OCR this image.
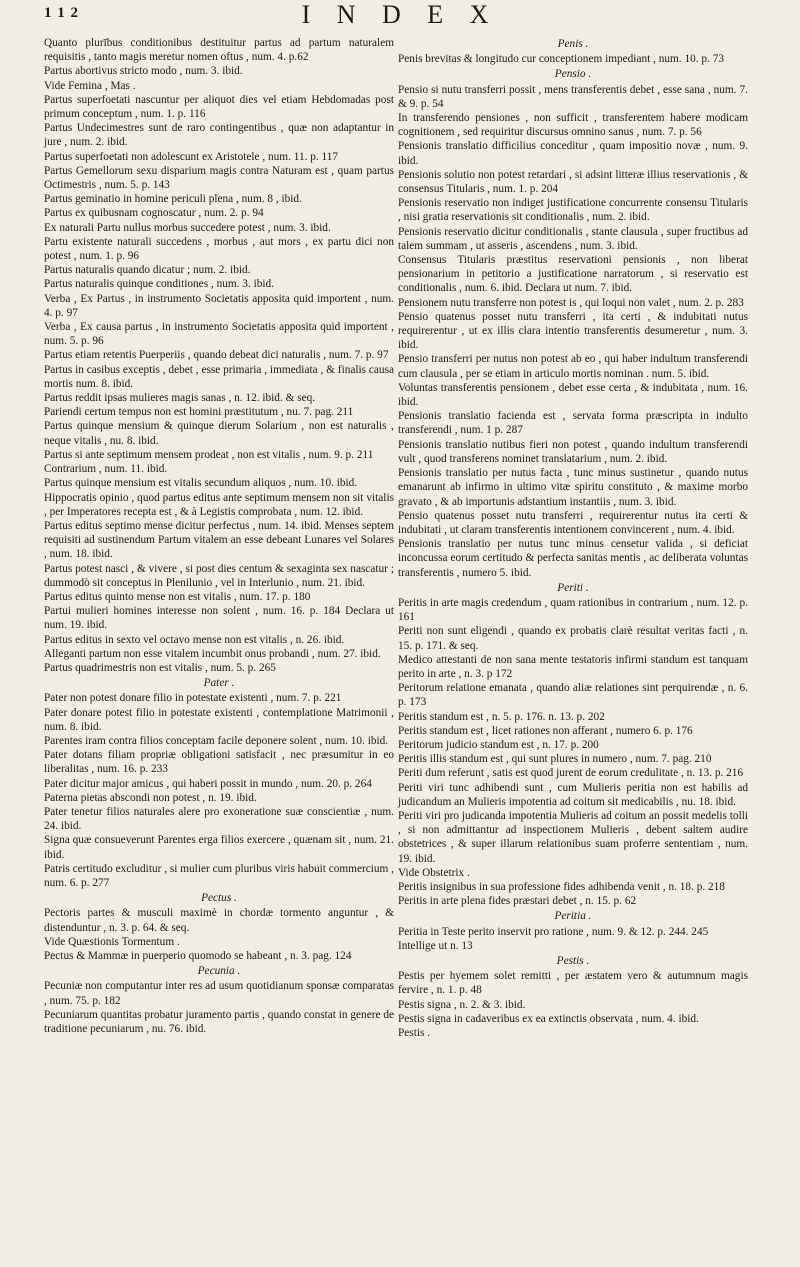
1 1 2	I N D E X

Quanto plurībus conditionibus destituitur partus ad partum naturalem requisitis , tanto magis meretur nomen oftus , num. 4. p.62

Partus abortivus stricto modo , num. 3. ibid.

Vide Femina , Mas .

Partus superfoetati nascuntur per aliquot dies vel etiam Hebdomadas post primum conceptum , num. 1. p. 116

Partus Undecimestres sunt de raro contingentibus , quæ non adaptantur in jure , num. 2. ibid.

Partus superfoetati non adolescunt ex Aristotele , num. 11. p. 117

Partus Gemellorum sexu disparium magis contra Naturam est , quam partus Octimestris , num. 5. p. 143

Partus geminatio in homine periculi plena , num. 8 , ibid.

Partus ex quibusnam cognoscatur , num. 2. p. 94

Ex naturali Partu nullus morbus succedere potest , num. 3. ibid.

Partu existente naturali succedens , morbus , aut mors , ex partu dici non potest , num. 1. p. 96

Partus naturalis quando dicatur ; num. 2. ibid.

Partus naturalis quinque conditiones , num. 3. ibid.

Verba , Ex Partus , in instrumento Societatis appositа quid importent , num. 4. p. 97

Verba , Ex causa partus , in instrumento Societatis apposita quid importent , num. 5. p. 96

Partus etiam retentis Puerperiis , quando debeat dici naturalis , num. 7. p. 97

Partus in casibus exceptis , debet , esse primaria , immediata , & finalis causa mortis num. 8. ibid.

Partus reddit ipsas mulieres magis sanas , n. 12. ibid. & seq.

Pariendi certum tempus non est homini præstitutum , nu. 7. pag. 211

Partus quinque mensium & quinque dierum Solarium , non est naturalis , neque vitalis , nu. 8. ibid.

Partus si ante septimum mensem prodeat , non est vitalis , num. 9. p. 211

Contrarium , num. 11. ibid.

Partus quinque mensium est vitalis secundum aliquos , num. 10. ibid.

Hippocratis opinio , quod partus editus ante septimum mensem non sit vitalis , per Imperatores recepta est , & à Legistis comprobata , num. 12. ibid.

Partus editus septimo mense dicitur perfectus , num. 14. ibid. Menses septem requisiti ad sustinendum Partum vitalem an esse debeant Lunares vel Solares , num. 18. ibid.

Partus potest nasci , & vivere , si post dies centum & sexaginta sex nascatur ; dummodò sit conceptus in Plenilunio , vel in Interlunio , num. 21. ibid.

Partus editus quinto mense non est vitalis , num. 17. p. 180

Partui mulieri homines interesse non solent , num. 16. p. 184 Declara ut num. 19. ibid.

Partus editus in sexto vel octavo mense non est vitalis , n. 26. ibid.

Alleganti partum non esse vitalem incumbit onus probandi , num. 27. ibid.

Partus quadrimestris non est vitalis , num. 5. p. 265

Pater .

Pater non potest donare filio in potestate existenti , num. 7. p. 221

Pater donare potest filio in potestate existenti , contemplatione Matrimonii , num. 8. ibid.

Parentes iram contra filios conceptam facile deponere solent , num. 10. ibid.

Pater dotans filiam propriæ obligationi satisfacit , nec præsumitur in eo liberalitas , num. 16. p. 233

Pater dicitur major amicus , qui haberi possit in mundo , num. 20. p. 264

Paterna pietas abscondi non potest , n. 19. ibid.

Pater tenetur filios naturales alere pro exoneratione suæ conscientiæ , num. 24. ibid.

Signa quæ consueverunt Parentes erga filios exercere , quænam sit , num. 21. ibid.

Patris certitudo excluditur , si mulier cum pluribus viris habuit commercium , num. 6. p. 277

Pectus .

Pectoris partes & musculi maximè in chordæ tormento anguntur , & distenduntur , n. 3. p. 64. & seq.

Vide Quæstionis Tormentum .

Pectus & Mammæ in puerperio quomodo se habeant , n. 3. pag. 124

Pecunia .

Pecuniæ non computantur inter res ad usum quotidianum sponsæ comparatas , num. 75. p. 182

Pecuniarum quantitas probatur juramento partis , quando constat in genere de traditione pecuniarum , nu. 76. ibid.

Penis .

Penis brevitas & longitudo cur conceptionem impediant , num. 10. p. 73

Pensio .

Pensio si nutu transferri possit , mens transferentis debet , esse sana , num. 7. & 9. p. 54

In transferendo pensiones , non sufficit , transferentem habere modicam cognitionem , sed requiritur discursus omnino sanus , num. 7. p. 56

Pensionis translatio difficilius conceditur , quam impositio novæ , num. 9. ibid.

Pensionis solutio non potest retardari , si adsint litteræ illius reservationis , & consensus Titularis , num. 1. p. 204

Pensionis reservatio non indiget justificatione concurrente consensu Titularis , nisi gratia reservationis sit conditionalis , num. 2. ibid.

Pensionis reservatio dicitur conditionalis , stante clausula , super fructibus ad talem summam , ut asseris , ascendens , num. 3. ibid.

Consensus Titularis præstitus reservationi pensionis , non liberat pensionarium in petitorio a justificatione narratorum , si reservatio est conditionalis , num. 6. ibid. Declara ut num. 7. ibid.

Pensionem nutu transferre non potest is , qui loqui non valet , num. 2. p. 283

Pensio quatenus posset nutu transferri , ita certi , & indubitati nutus requirerentur , ut ex illis clara intentio transferentis desumeretur , num. 3. ibid.

Pensio transferri per nutus non potest ab eo , qui haber indultum transferendi cum clausula , per se etiam in articulo mortis nominan . num. 5. ibid.

Voluntas transferentis pensionem , debet esse certa , & indubitata , num. 16. ibid.

Pensionis translatio facienda est , servata forma præscripta in indulto transferendi , num. 1 p. 287

Pensionis translatio nutibus fieri non potest , quando indultum transferendi vult , quod transferens nominet translatarium , num. 2. ibid.

Pensionis translatio per nutus facta , tunc minus sustinetur , quando nutus emanarunt ab infirmo in ultimo vitæ spiritu constituto , & maxime morbo gravato , & ab importunis adstantium instantiis , num. 3. ibid.

Pensio quatenus posset nutu transferri , requirerentur nutus ita certi & indubitati , ut claram transferentis intentionem convincerent , num. 4. ibid.

Pensionis translatio per nutus tunc minus censetur valida , si deficiat inconcussa eorum certitudo & perfecta sanitas mentis , ac deliberata voluntas transferentis , numero 5. ibid.

Periti .

Peritis in arte magis credendum , quam rationibus in contrarium , num. 12. p. 161

Periti non sunt eligendi , quando ex probatis clarè resultat veritas facti , n. 15. p. 171. & seq.

Medico attestanti de non sana mente testatoris infirmi standum est tanquam perito in arte , n. 3. p 172

Peritorum relatione emanata , quando aliæ relationes sint perquirendæ , n. 6. p. 173

Peritis standum est , n. 5. p. 176. n. 13. p. 202

Peritis standum est , licet rationes non afferant , numero 6. p. 176

Peritorum judicio standum est , n. 17. p. 200

Peritis illis standum est , qui sunt plures in numero , num. 7. pag. 210

Periti dum referunt , satis est quod jurent de eorum credulitate , n. 13. p. 216

Periti viri tunc adhibendi sunt , cum Mulieris peritia non est habilis ad judicandum an Mulieris impotentia ad coitum sit medicabilis , nu. 18. ibid.

Periti viri pro judicanda impotentia Mulieris ad coitum an possit medelis tolli , si non admittantur ad inspectionem Mulieris , debent saltem audire obstetrices , & super illarum relationibus suam proferre sententiam , num. 19. ibid.

Vide Obstetrix .

Peritis insignibus in sua professione fides adhibenda venit , n. 18. p. 218

Peritis in arte plena fides præstari debet , n. 15. p. 62

Peritia .

Peritia in Teste perito inservit pro ratione , num. 9. & 12. p. 244. 245

Intellige ut n. 13

Pestis .

Pestis per hyemem solet remitti , per æstatem vero & autumnum magis fervire , n. 1. p. 48

Pestis signa , n. 2. & 3. ibid.

Pestis signa in cadaveribus ex ea extinctis observata , num. 4. ibid.

Pestis .
